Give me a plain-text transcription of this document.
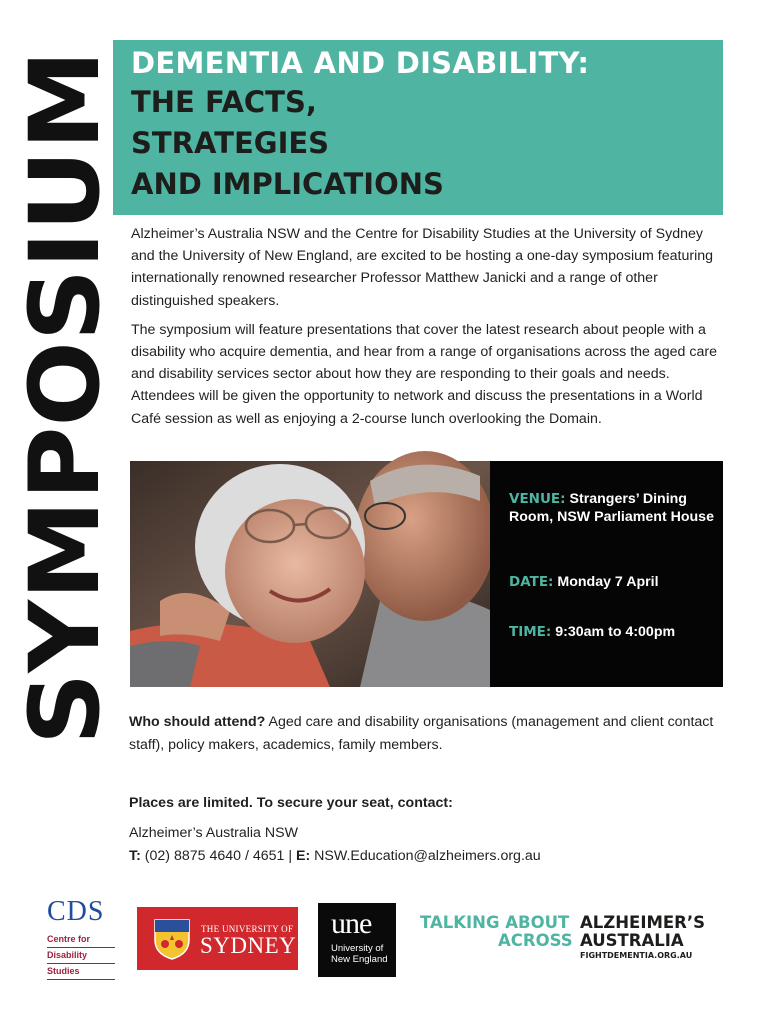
SYMPOSIUM
DEMENTIA AND DISABILITY:
THE FACTS,
STRATEGIES
AND IMPLICATIONS

Alzheimer’s Australia NSW and the Centre for Disability Studies at the University of Sydney and the University of New England, are excited to be hosting a one-day symposium featuring internationally renowned researcher Professor Matthew Janicki and a range of other distinguished speakers.

The symposium will feature presentations that cover the latest research about people with a disability who acquire dementia, and hear from a range of organisations across the aged care and disability services sector about how they are responding to their goals and needs. Attendees will be given the opportunity to network and discuss the presentations in a World Café session as well as enjoying a 2-course lunch overlooking the Domain.

VENUE: Strangers’ Dining Room, NSW Parliament House
DATE: Monday 7 April
TIME: 9:30am to 4:00pm
Who should attend? Aged care and disability organisations (management and client contact staff), policy makers, academics, family members.
Places are limited. To secure your seat, contact:
Alzheimer’s Australia NSW
T: (02) 8875 4640 / 4651 | E: NSW.Education@alzheimers.org.au
CDS
Centre for
Disability
Studies
THE UNIVERSITY OF
SYDNEY
une
University of
New England
TALKING ABOUT
ACROSS
ALZHEIMER’S
AUSTRALIA
FIGHTDEMENTIA.ORG.AU
